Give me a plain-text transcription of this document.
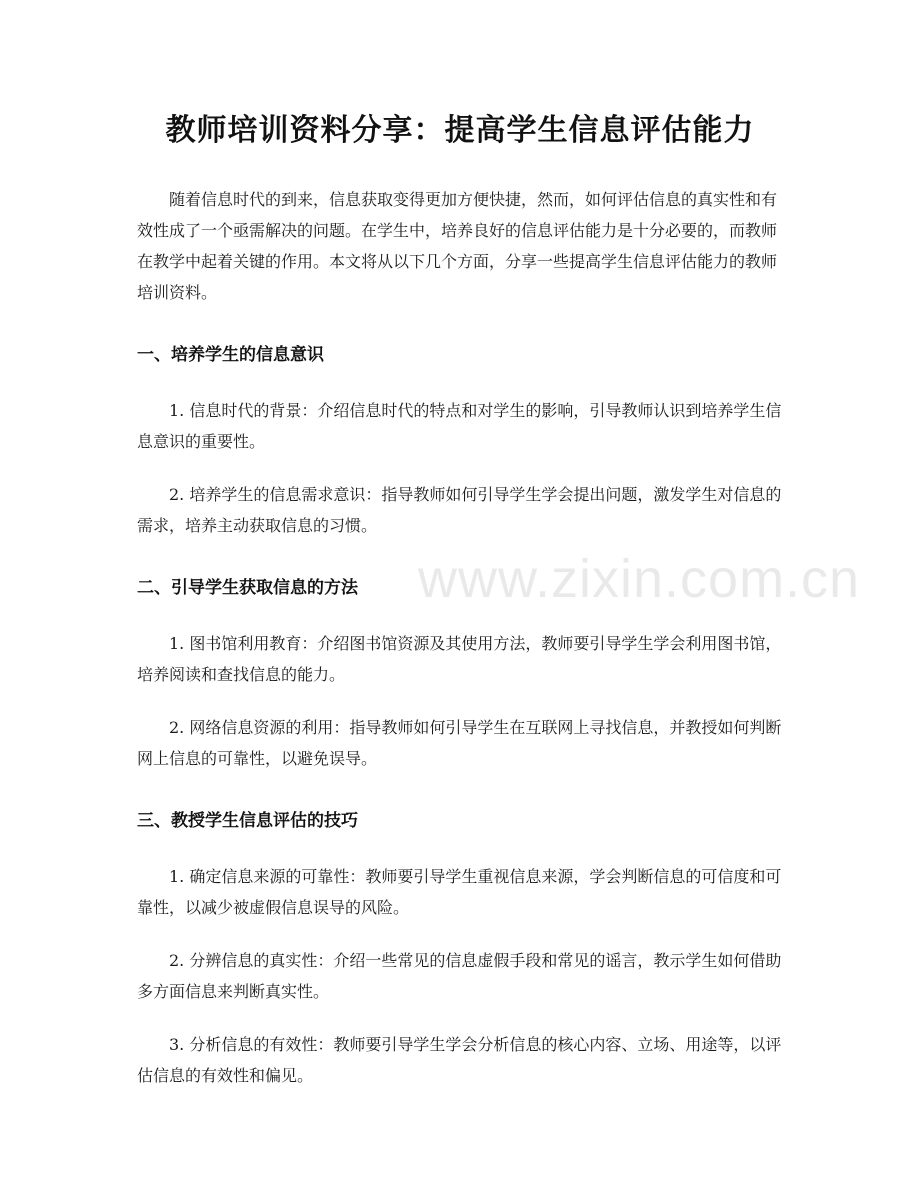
教师培训资料分享：提高学生信息评估能力

随着信息时代的到来，信息获取变得更加方便快捷，然而，如何评估信息的真实性和有效性成了一个亟需解决的问题。在学生中，培养良好的信息评估能力是十分必要的，而教师在教学中起着关键的作用。本文将从以下几个方面，分享一些提高学生信息评估能力的教师培训资料。

一、培养学生的信息意识

1. 信息时代的背景：介绍信息时代的特点和对学生的影响，引导教师认识到培养学生信息意识的重要性。

2. 培养学生的信息需求意识：指导教师如何引导学生学会提出问题，激发学生对信息的需求，培养主动获取信息的习惯。

二、引导学生获取信息的方法

1. 图书馆利用教育：介绍图书馆资源及其使用方法，教师要引导学生学会利用图书馆，培养阅读和查找信息的能力。

2. 网络信息资源的利用：指导教师如何引导学生在互联网上寻找信息，并教授如何判断网上信息的可靠性，以避免误导。

三、教授学生信息评估的技巧

1. 确定信息来源的可靠性：教师要引导学生重视信息来源，学会判断信息的可信度和可靠性，以减少被虚假信息误导的风险。

2. 分辨信息的真实性：介绍一些常见的信息虚假手段和常见的谣言，教示学生如何借助多方面信息来判断真实性。

3. 分析信息的有效性：教师要引导学生学会分析信息的核心内容、立场、用途等，以评估信息的有效性和偏见。

www.zixin.com.cn
